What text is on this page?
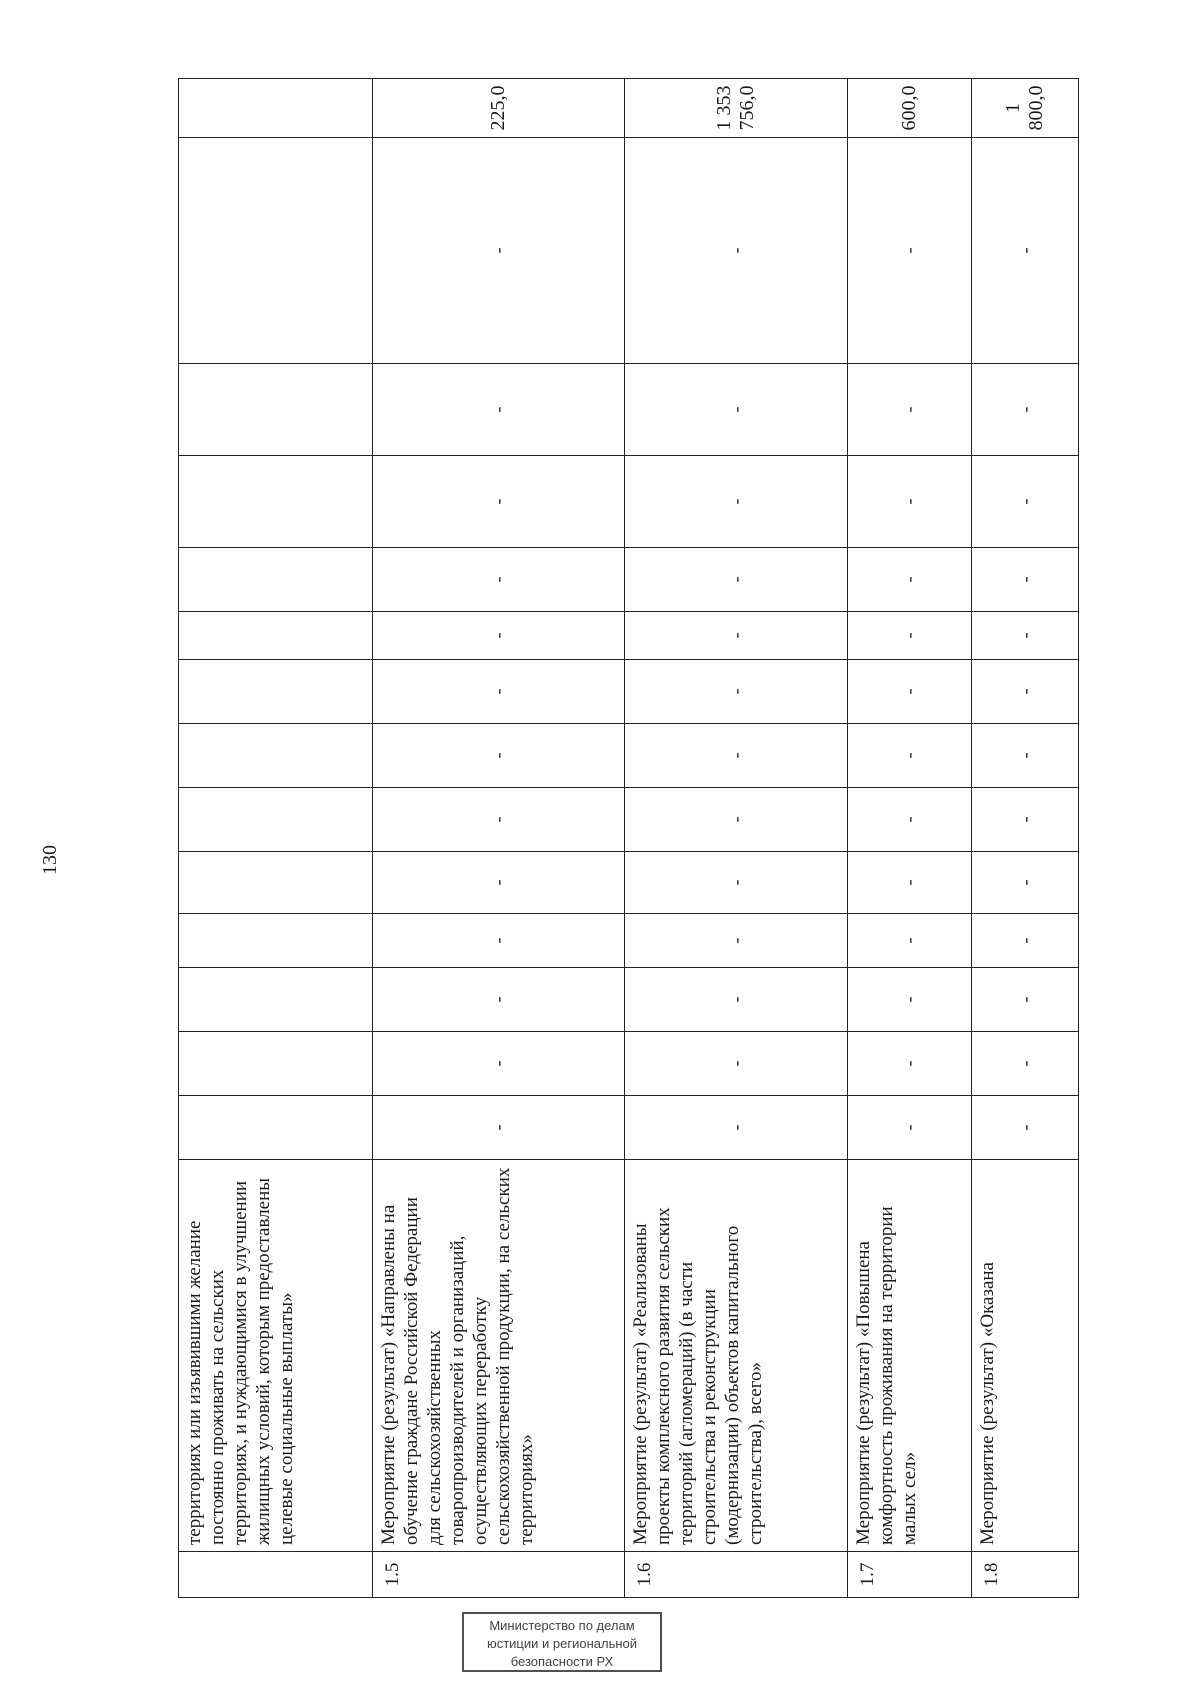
130
	территориях или изъявившими желание постоянно проживать на сельских территориях, и нуждающимися в улучшении жилищных условий, которым предоставлены целевые социальные выплаты»														
1.5	Мероприятие (результат) «Направлены на обучение граждане Российской Федерации для сельскохозяйственных товаропроизводителей и организаций, осуществляющих переработку сельскохозяйственной продукции, на сельских территориях»	-	-	-	-	-	-	-	-	-	-	-	-	-	225,0
1.6	Мероприятие (результат) «Реализованы проекты комплексного развития сельских территорий (агломераций) (в части строительства и реконструкции (модернизации) объектов капитального строительства), всего»	-	-	-	-	-	-	-	-	-	-	-	-	-	1 353 756,0
1.7	Мероприятие (результат) «Повышена комфортность проживания на территории малых сел»	-	-	-	-	-	-	-	-	-	-	-	-	-	600,0
1.8	Мероприятие (результат) «Оказана	-	-	-	-	-	-	-	-	-	-	-	-	-	1 800,0
Министерство по делам
юстиции и региональной
безопасности РХ
